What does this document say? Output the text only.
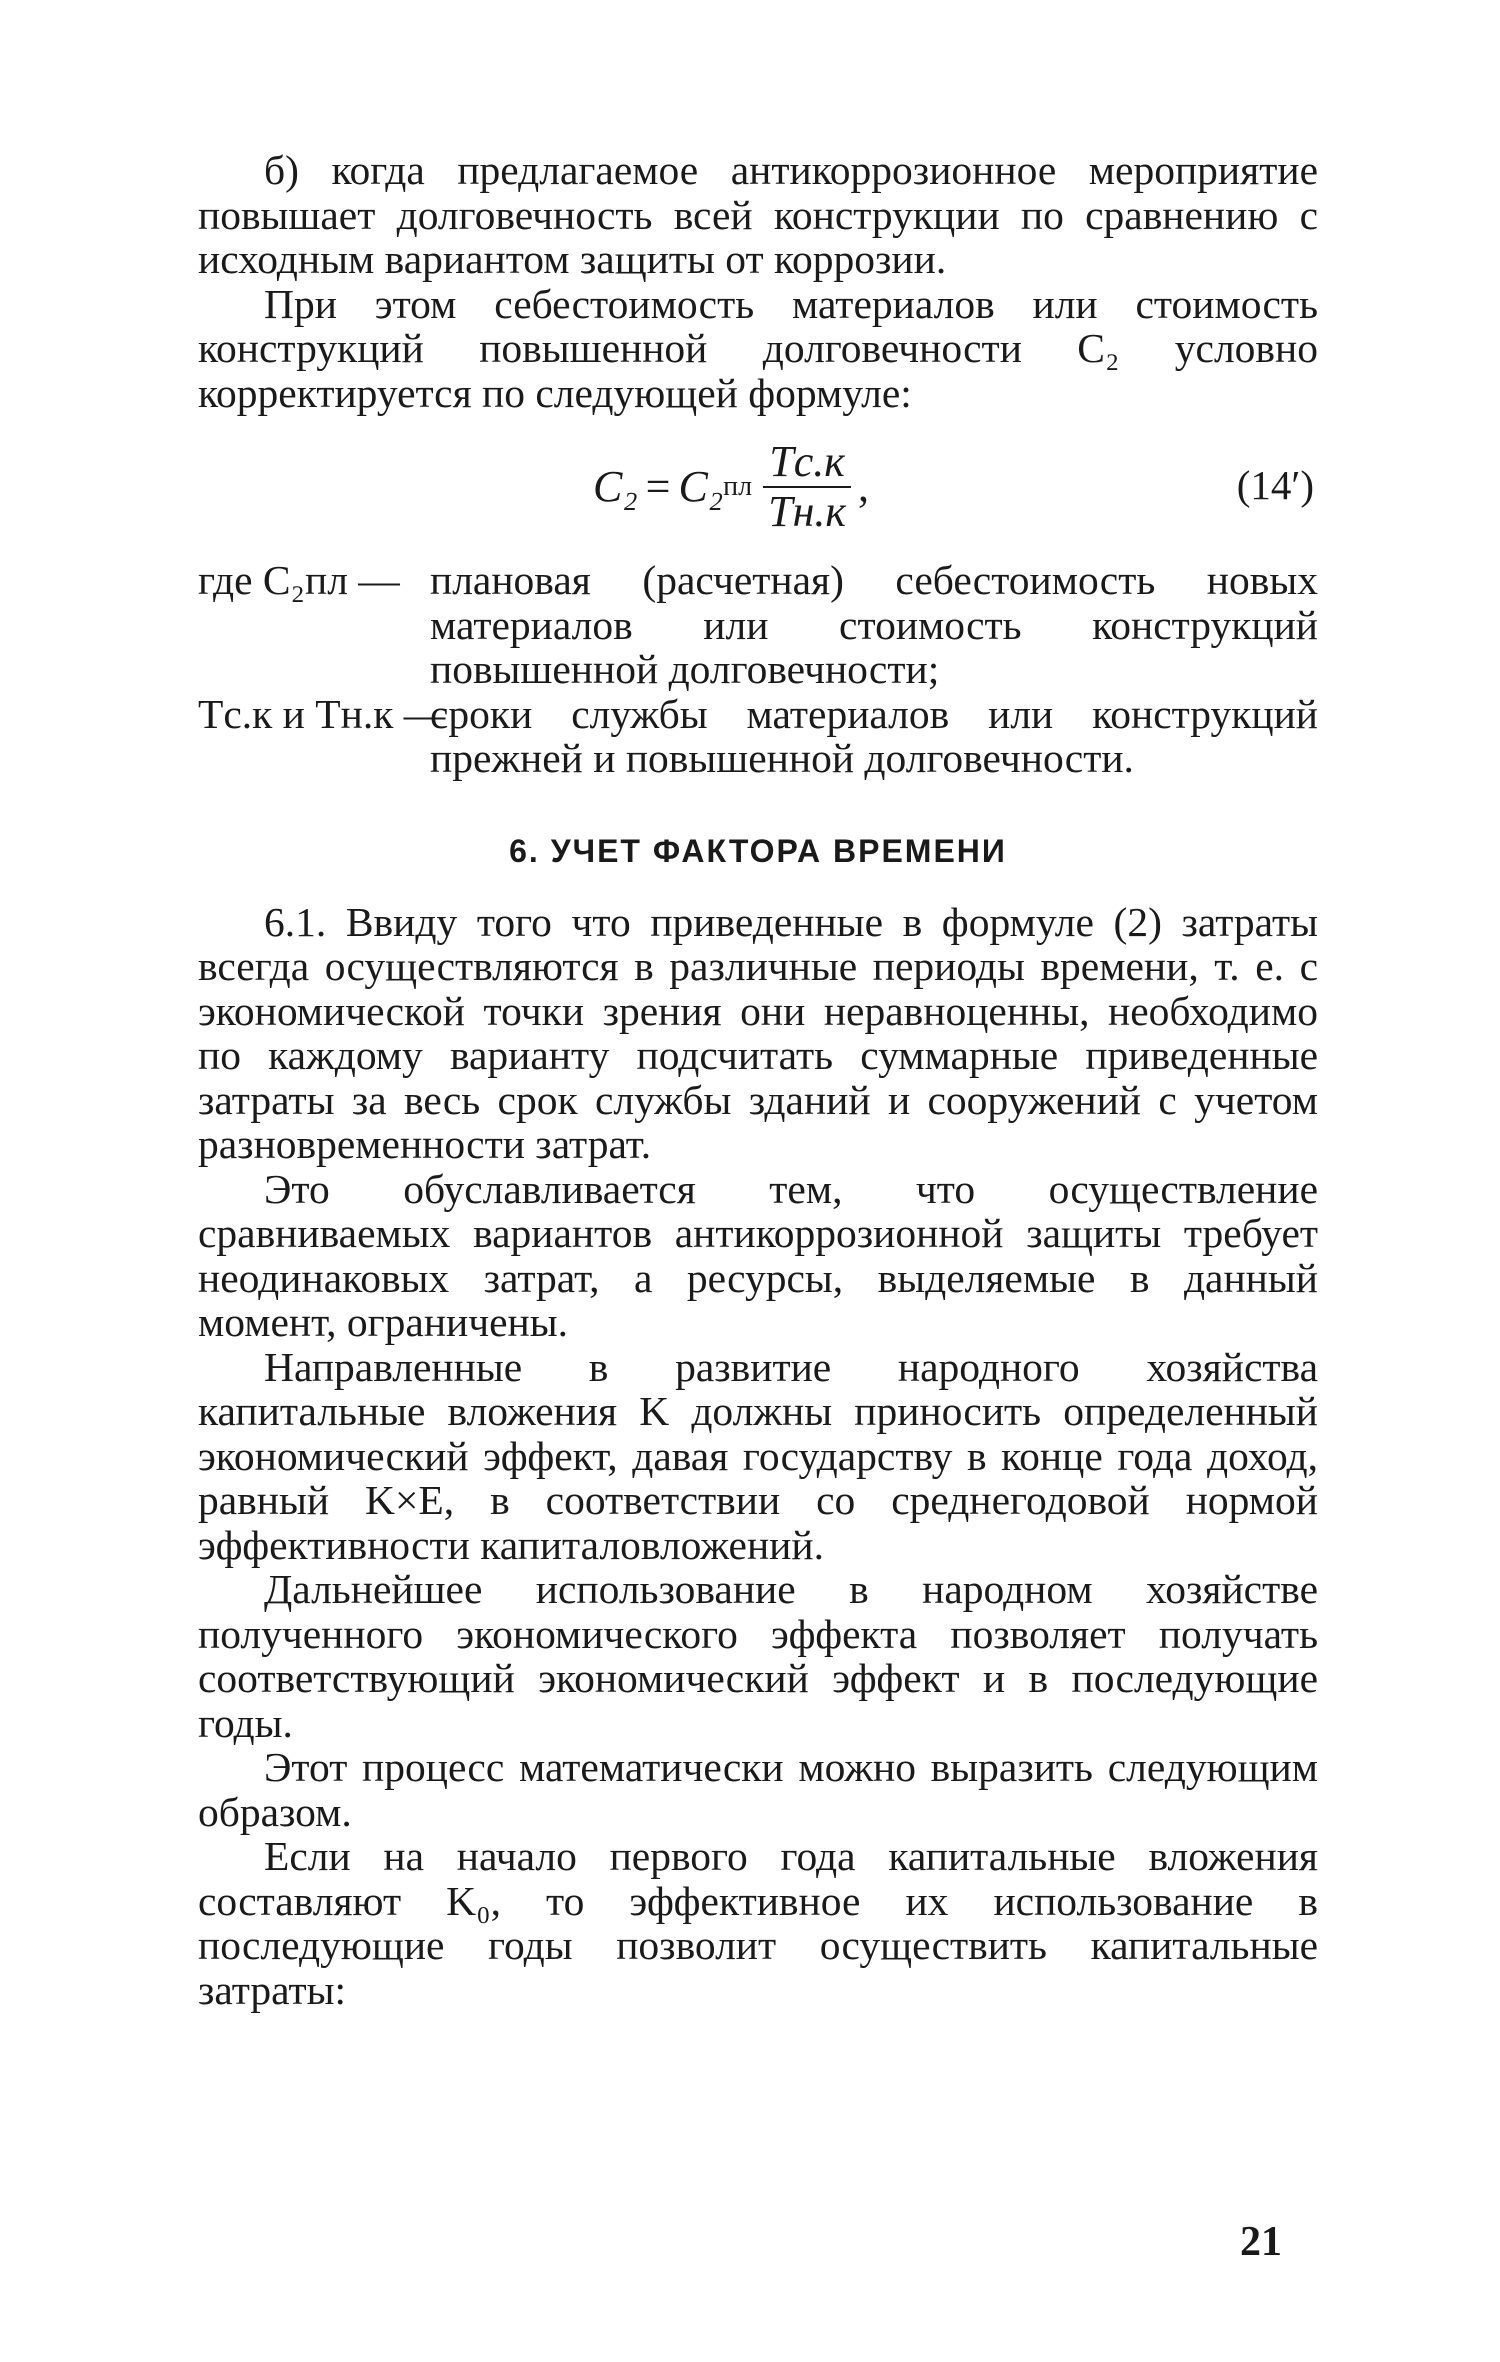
б) когда предлагаемое антикоррозионное мероприятие повышает долговечность всей конструкции по сравнению с исходным вариантом защиты от коррозии.

При этом себестоимость материалов или стоимость конструкций повышенной долговечности С₂ условно корректируется по следующей формуле:

C₂ = C₂ пл $\frac{Tс.к}{Tн.к}$ ,	(14′)
где C₂пл — плановая (расчетная) себестоимость новых материалов или стоимость конструкций повышенной долговечности;
Tс.к и Tн.к —
сроки службы материалов или конструкций прежней и повышенной долговечности.
6. УЧЕТ ФАКТОРА ВРЕМЕНИ

6.1. Ввиду того что приведенные в формуле (2) затраты всегда осуществляются в различные периоды времени, т. е. с экономической точки зрения они неравноценны, необходимо по каждому варианту подсчитать суммарные приведенные затраты за весь срок службы зданий и сооружений с учетом разновременности затрат.

Это обуславливается тем, что осуществление сравниваемых вариантов антикоррозионной защиты требует неодинаковых затрат, а ресурсы, выделяемые в данный момент, ограничены.

Направленные в развитие народного хозяйства капитальные вложения K должны приносить определенный экономический эффект, давая государству в конце года доход, равный K×E, в соответствии со среднегодовой нормой эффективности капиталовложений.

Дальнейшее использование в народном хозяйстве полученного экономического эффекта позволяет получать соответствующий экономический эффект и в последующие годы.

Этот процесс математически можно выразить следующим образом.

Если на начало первого года капитальные вложения составляют K₀, то эффективное их использование в последующие годы позволит осуществить капитальные затраты:

21
